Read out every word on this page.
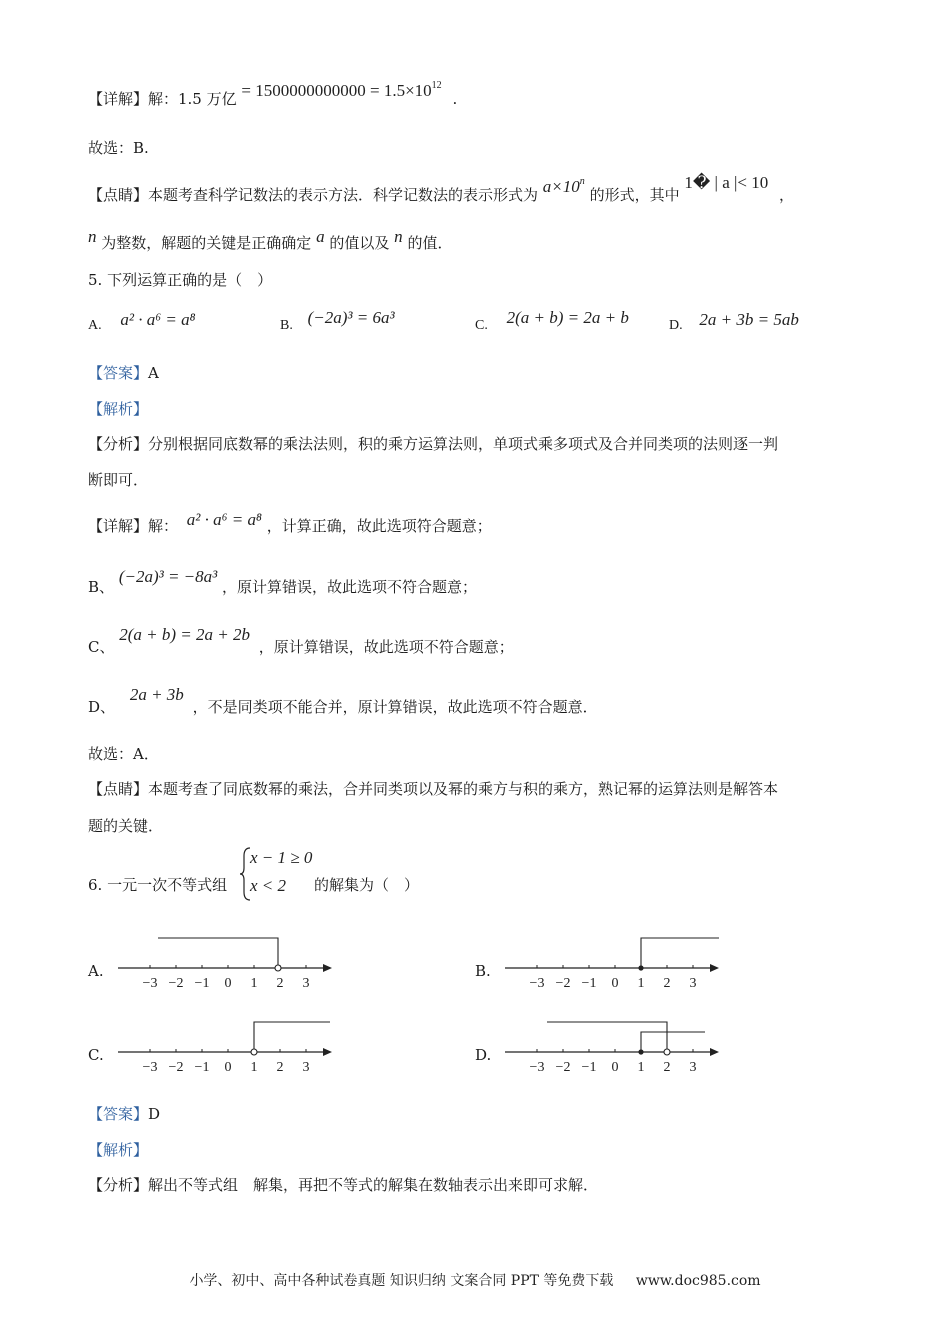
【详解】解：1.5 万亿 = $1500000000000 = 1.5\times 10^{12}$ .
故选：B.
【点睛】本题考查科学记数法的表示方法．科学记数法的表示形式为 $a\times 10^n$ 的形式，其中 1� | a |< 10 ，
n 为整数，解题的关键是正确确定 a 的值以及 n 的值．
5. 下列运算正确的是（　）
A. a² · a⁶ = a⁸	B. (−2a)³ = 6a³	C. 2(a + b) = 2a + b	D. 2a + 3b = 5ab
【答案】A
【解析】
【分析】分别根据同底数幂的乘法法则，积的乘方运算法则，单项式乘多项式及合并同类项的法则逐一判
断即可．
【详解】解： a² · a⁶ = a⁸ ，计算正确，故此选项符合题意；
B、 (−2a)³ = −8a³ ，原计算错误，故此选项不符合题意；
C、 2(a + b) = 2a + 2b ，原计算错误，故此选项不符合题意；
D、 2a + 3b ，不是同类项不能合并，原计算错误，故此选项不符合题意．
故选：A．
【点睛】本题考查了同底数幂的乘法，合并同类项以及幂的乘方与积的乘方，熟记幂的运算法则是解答本
题的关键．
6. 一元一次不等式组
x − 1 ≥ 0
x < 2 的解集为（　）
A.	B.
C.	D.
−3 −2 −1 0 1 2 3	−3 −2 −1 0 1 2 3
−3 −2 −1 0 1 2 3	−3 −2 −1 0 1 2 3
【答案】D
【解析】
【分析】解出不等式组　解集，再把不等式的解集在数轴表示出来即可求解．
小学、初中、高中各种试卷真题 知识归纳 文案合同 PPT 等免费下载 www.doc985.com
